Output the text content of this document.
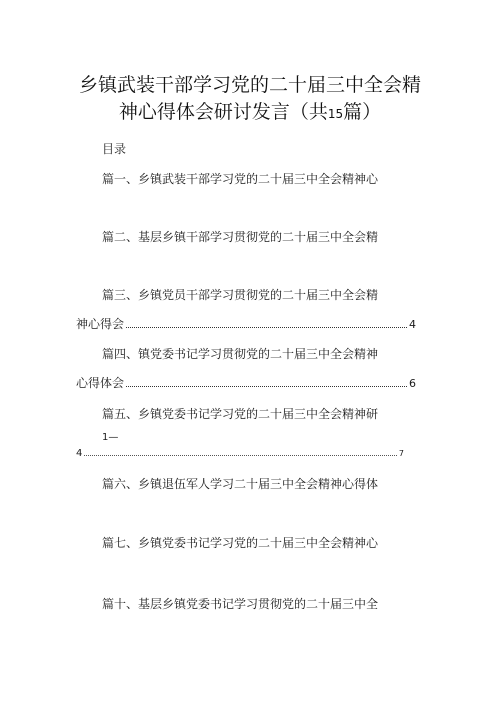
乡镇武装干部学习党的二十届三中全会精
神心得体会研讨发言（共15篇）
目录
篇一、乡镇武装干部学习党的二十届三中全会精神心
篇二、基层乡镇干部学习贯彻党的二十届三中全会精
篇三、乡镇党员干部学习贯彻党的二十届三中全会精
神心得会	4
篇四、镇党委书记学习贯彻党的二十届三中全会精神
心得体会	6
篇五、乡镇党委书记学习党的二十届三中全会精神研
1—
4	7
篇六、乡镇退伍军人学习二十届三中全会精神心得体
篇七、乡镇党委书记学习党的二十届三中全会精神心
篇十、基层乡镇党委书记学习贯彻党的二十届三中全
